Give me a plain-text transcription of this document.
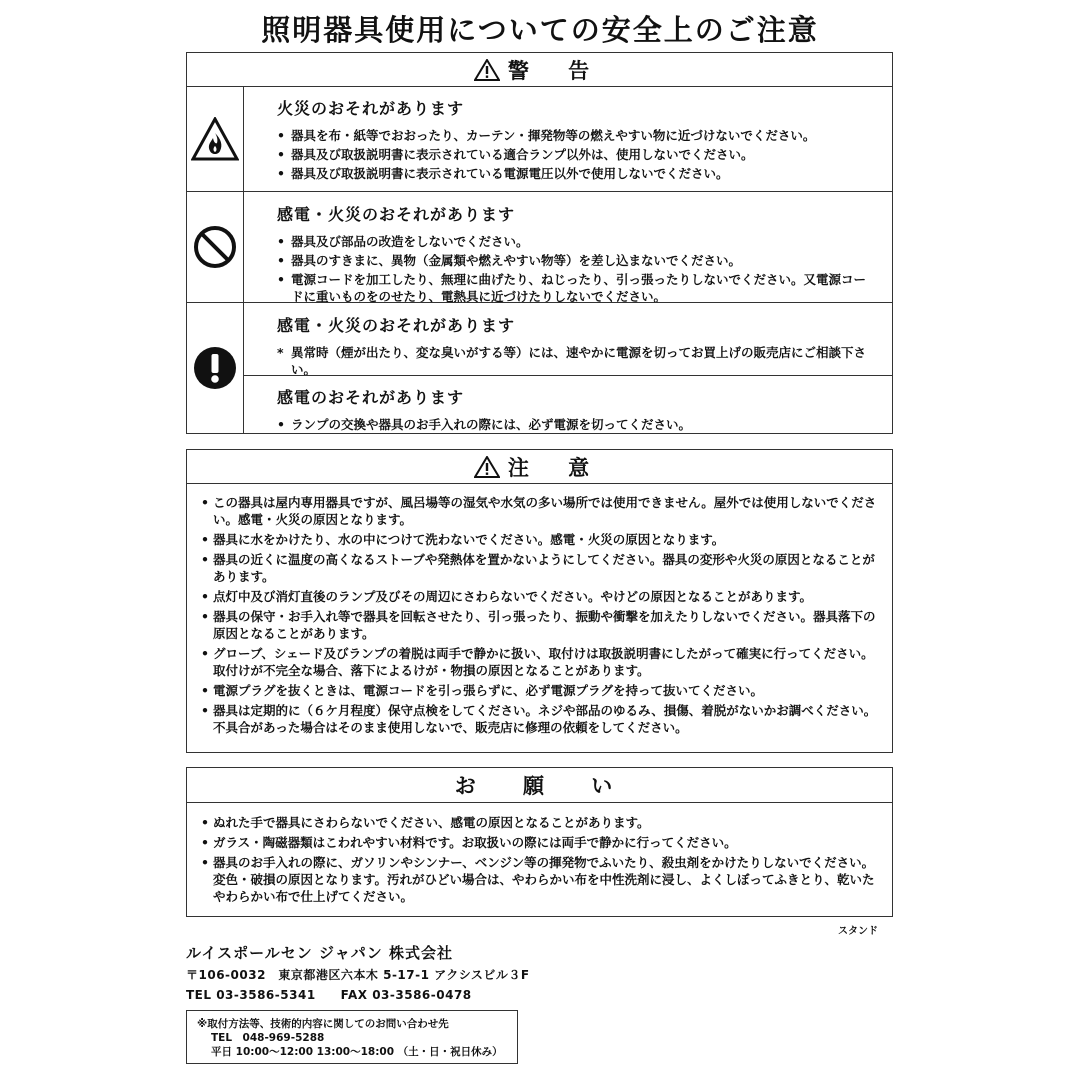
照明器具使用についての安全上のご注意
警 告
火災のおそれがあります
• 器具を布・紙等でおおったり、カーテン・揮発物等の燃えやすい物に近づけないでください。
• 器具及び取扱説明書に表示されている適合ランプ以外は、使用しないでください。
• 器具及び取扱説明書に表示されている電源電圧以外で使用しないでください。
感電・火災のおそれがあります
• 器具及び部品の改造をしないでください。
• 器具のすきまに、異物（金属類や燃えやすい物等）を差し込まないでください。
• 電源コードを加工したり、無理に曲げたり、ねじったり、引っ張ったりしないでください。又電源コードに重いものをのせたり、電熱具に近づけたりしないでください。
感電・火災のおそれがあります
* 異常時（煙が出たり、変な臭いがする等）には、速やかに電源を切ってお買上げの販売店にご相談下さい。
感電のおそれがあります
• ランプの交換や器具のお手入れの際には、必ず電源を切ってください。
注 意
• この器具は屋内専用器具ですが、風呂場等の湿気や水気の多い場所では使用できません。屋外では使用しないでください。感電・火災の原因となります。
• 器具に水をかけたり、水の中につけて洗わないでください。感電・火災の原因となります。
• 器具の近くに温度の高くなるストーブや発熱体を置かないようにしてください。器具の変形や火災の原因となることがあります。
• 点灯中及び消灯直後のランプ及びその周辺にさわらないでください。やけどの原因となることがあります。
• 器具の保守・お手入れ等で器具を回転させたり、引っ張ったり、振動や衝撃を加えたりしないでください。器具落下の原因となることがあります。
• グローブ、シェード及びランプの着脱は両手で静かに扱い、取付けは取扱説明書にしたがって確実に行ってください。取付けが不完全な場合、落下によるけが・物損の原因となることがあります。
• 電源プラグを抜くときは、電源コードを引っ張らずに、必ず電源プラグを持って抜いてください。
• 器具は定期的に（６ケ月程度）保守点検をしてください。ネジや部品のゆるみ、損傷、着脱がないかお調べください。不具合があった場合はそのまま使用しないで、販売店に修理の依頼をしてください。
お 願 い
• ぬれた手で器具にさわらないでください、感電の原因となることがあります。
• ガラス・陶磁器類はこわれやすい材料です。お取扱いの際には両手で静かに行ってください。
• 器具のお手入れの際に、ガソリンやシンナー、ベンジン等の揮発物でふいたり、殺虫剤をかけたりしないでください。変色・破損の原因となります。汚れがひどい場合は、やわらかい布を中性洗剤に浸し、よくしぼってふきとり、乾いたやわらかい布で仕上げてください。
スタンド
ルイスポールセン ジャパン 株式会社
〒106-0032　東京都港区六本木 5-17-1 アクシスビル３F
TEL 03-3586-5341　　FAX 03-3586-0478
※取付方法等、技術的内容に関してのお問い合わせ先
TEL　048-969-5288
平日 10:00～12:00 13:00～18:00 （土・日・祝日休み）
